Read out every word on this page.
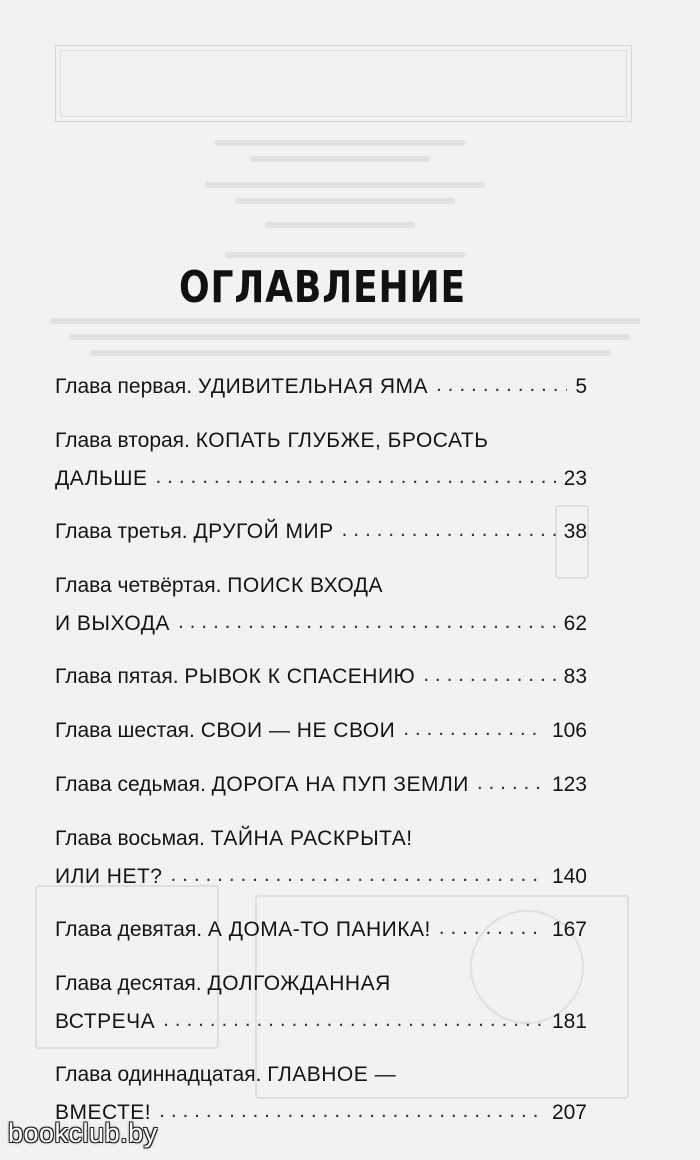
ОГЛАВЛЕНИЕ
Глава первая.
УДИВИТЕЛЬНАЯ ЯМА . . .	5
Глава вторая. КОПАТЬ ГЛУБЖЕ, БРОСАТЬ
ДАЛЬШЕ . . .	23
Глава третья.
ДРУГОЙ МИР . . .	38
Глава четвёртая. ПОИСК ВХОДА
И ВЫХОДА . . .	62
Глава пятая.
РЫВОК К СПАСЕНИЮ . . .	83
Глава шестая.
СВОИ — НЕ СВОИ . . .	106
Глава седьмая.
ДОРОГА НА ПУП ЗЕМЛИ . . .	123
Глава восьмая. ТАЙНА РАСКРЫТА!
ИЛИ НЕТ? . . .	140
Глава девятая.
А ДОМА-ТО ПАНИКА! . . .	167
Глава десятая. ДОЛГОЖДАННАЯ
ВСТРЕЧА . . .	181
Глава одиннадцатая. ГЛАВНОЕ —
ВМЕСТЕ! . . .	207
bookclub.by
